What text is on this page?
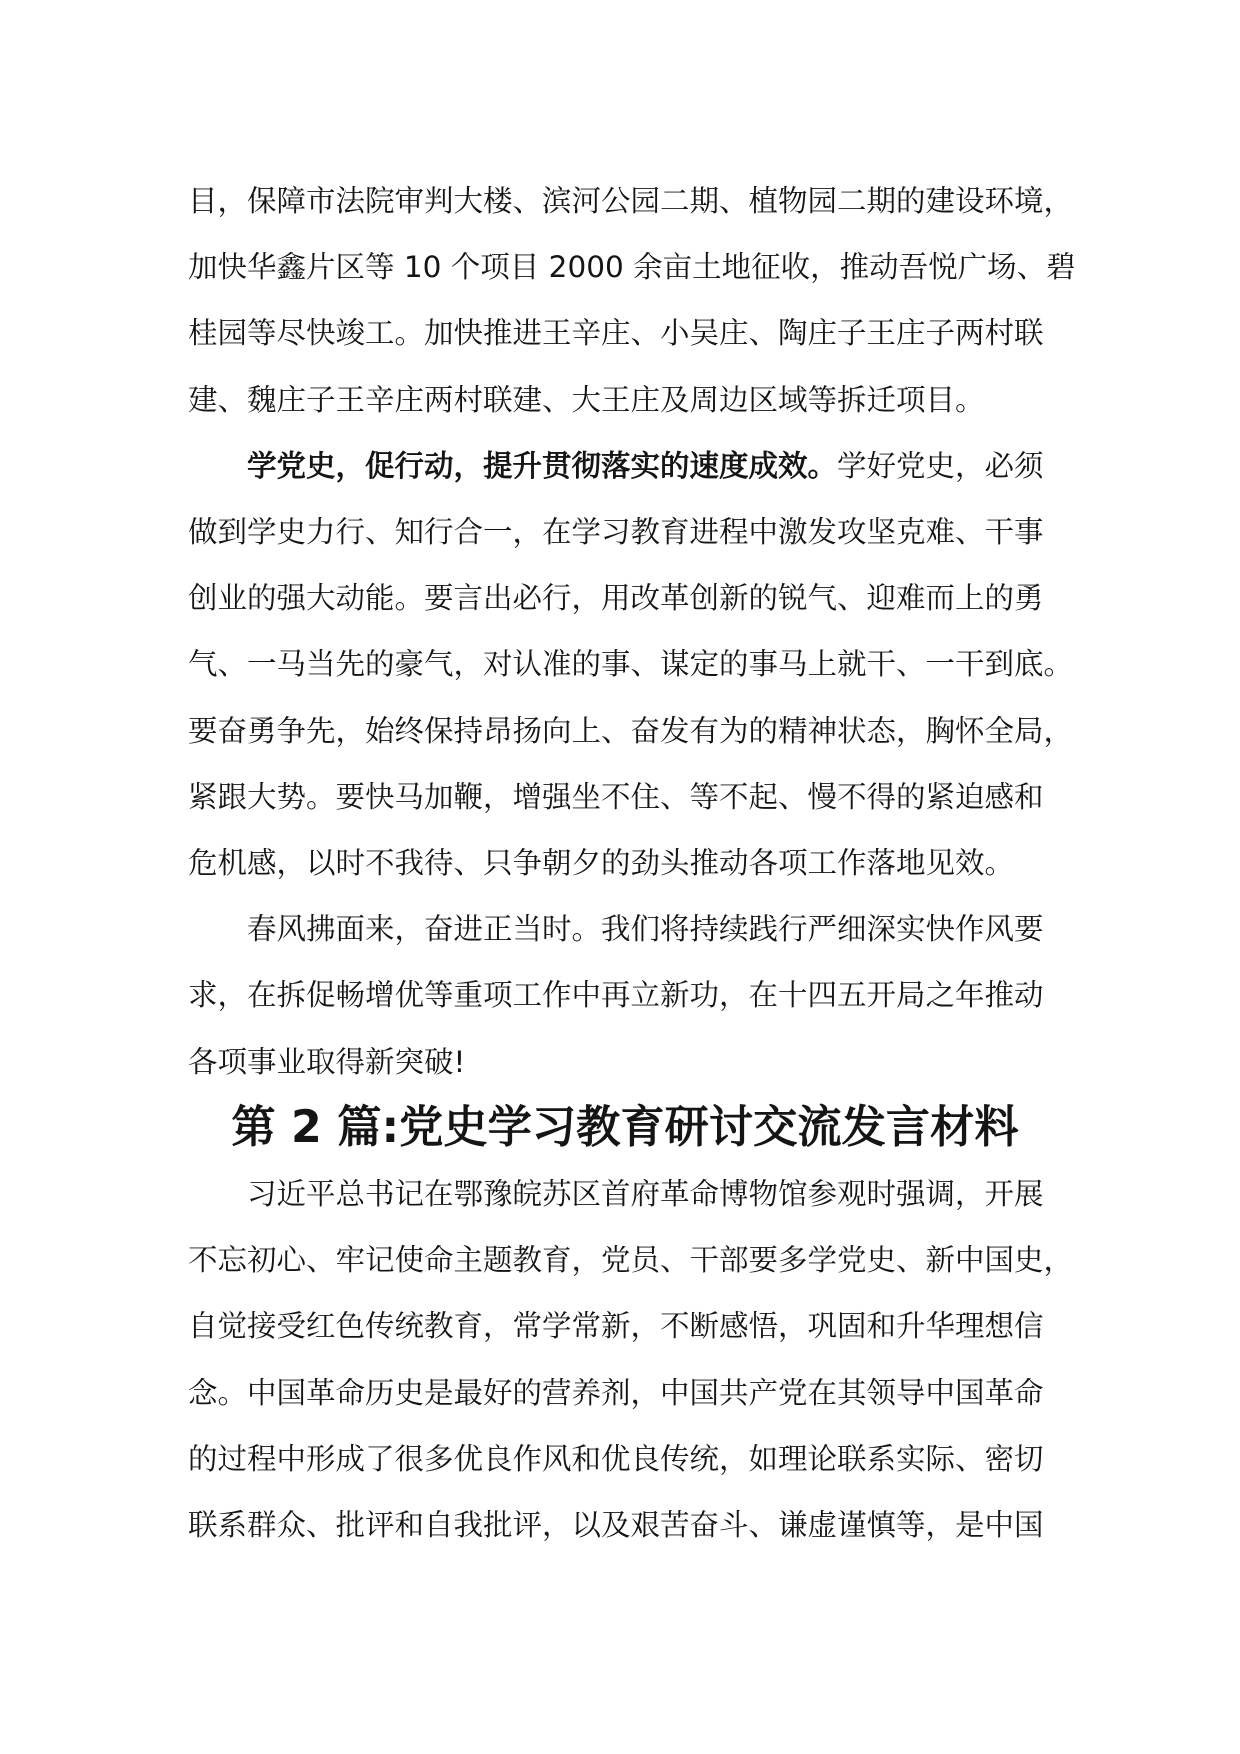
目，保障市法院审判大楼、滨河公园二期、植物园二期的建设环境，
加快华鑫片区等 10 个项目 2000 余亩土地征收，推动吾悦广场、碧
桂园等尽快竣工。加快推进王辛庄、小吴庄、陶庄子王庄子两村联
建、魏庄子王辛庄两村联建、大王庄及周边区域等拆迁项目。

学党史，促行动，提升贯彻落实的速度成效。学好党史，必须
做到学史力行、知行合一，在学习教育进程中激发攻坚克难、干事
创业的强大动能。要言出必行，用改革创新的锐气、迎难而上的勇
气、一马当先的豪气，对认准的事、谋定的事马上就干、一干到底。
要奋勇争先，始终保持昂扬向上、奋发有为的精神状态，胸怀全局，
紧跟大势。要快马加鞭，增强坐不住、等不起、慢不得的紧迫感和
危机感，以时不我待、只争朝夕的劲头推动各项工作落地见效。

春风拂面来，奋进正当时。我们将持续践行严细深实快作风要
求，在拆促畅增优等重项工作中再立新功，在十四五开局之年推动
各项事业取得新突破!

第 2 篇:党史学习教育研讨交流发言材料

习近平总书记在鄂豫皖苏区首府革命博物馆参观时强调，开展
不忘初心、牢记使命主题教育，党员、干部要多学党史、新中国史，
自觉接受红色传统教育，常学常新，不断感悟，巩固和升华理想信
念。中国革命历史是最好的营养剂，中国共产党在其领导中国革命
的过程中形成了很多优良作风和优良传统，如理论联系实际、密切
联系群众、批评和自我批评，以及艰苦奋斗、谦虚谨慎等，是中国
